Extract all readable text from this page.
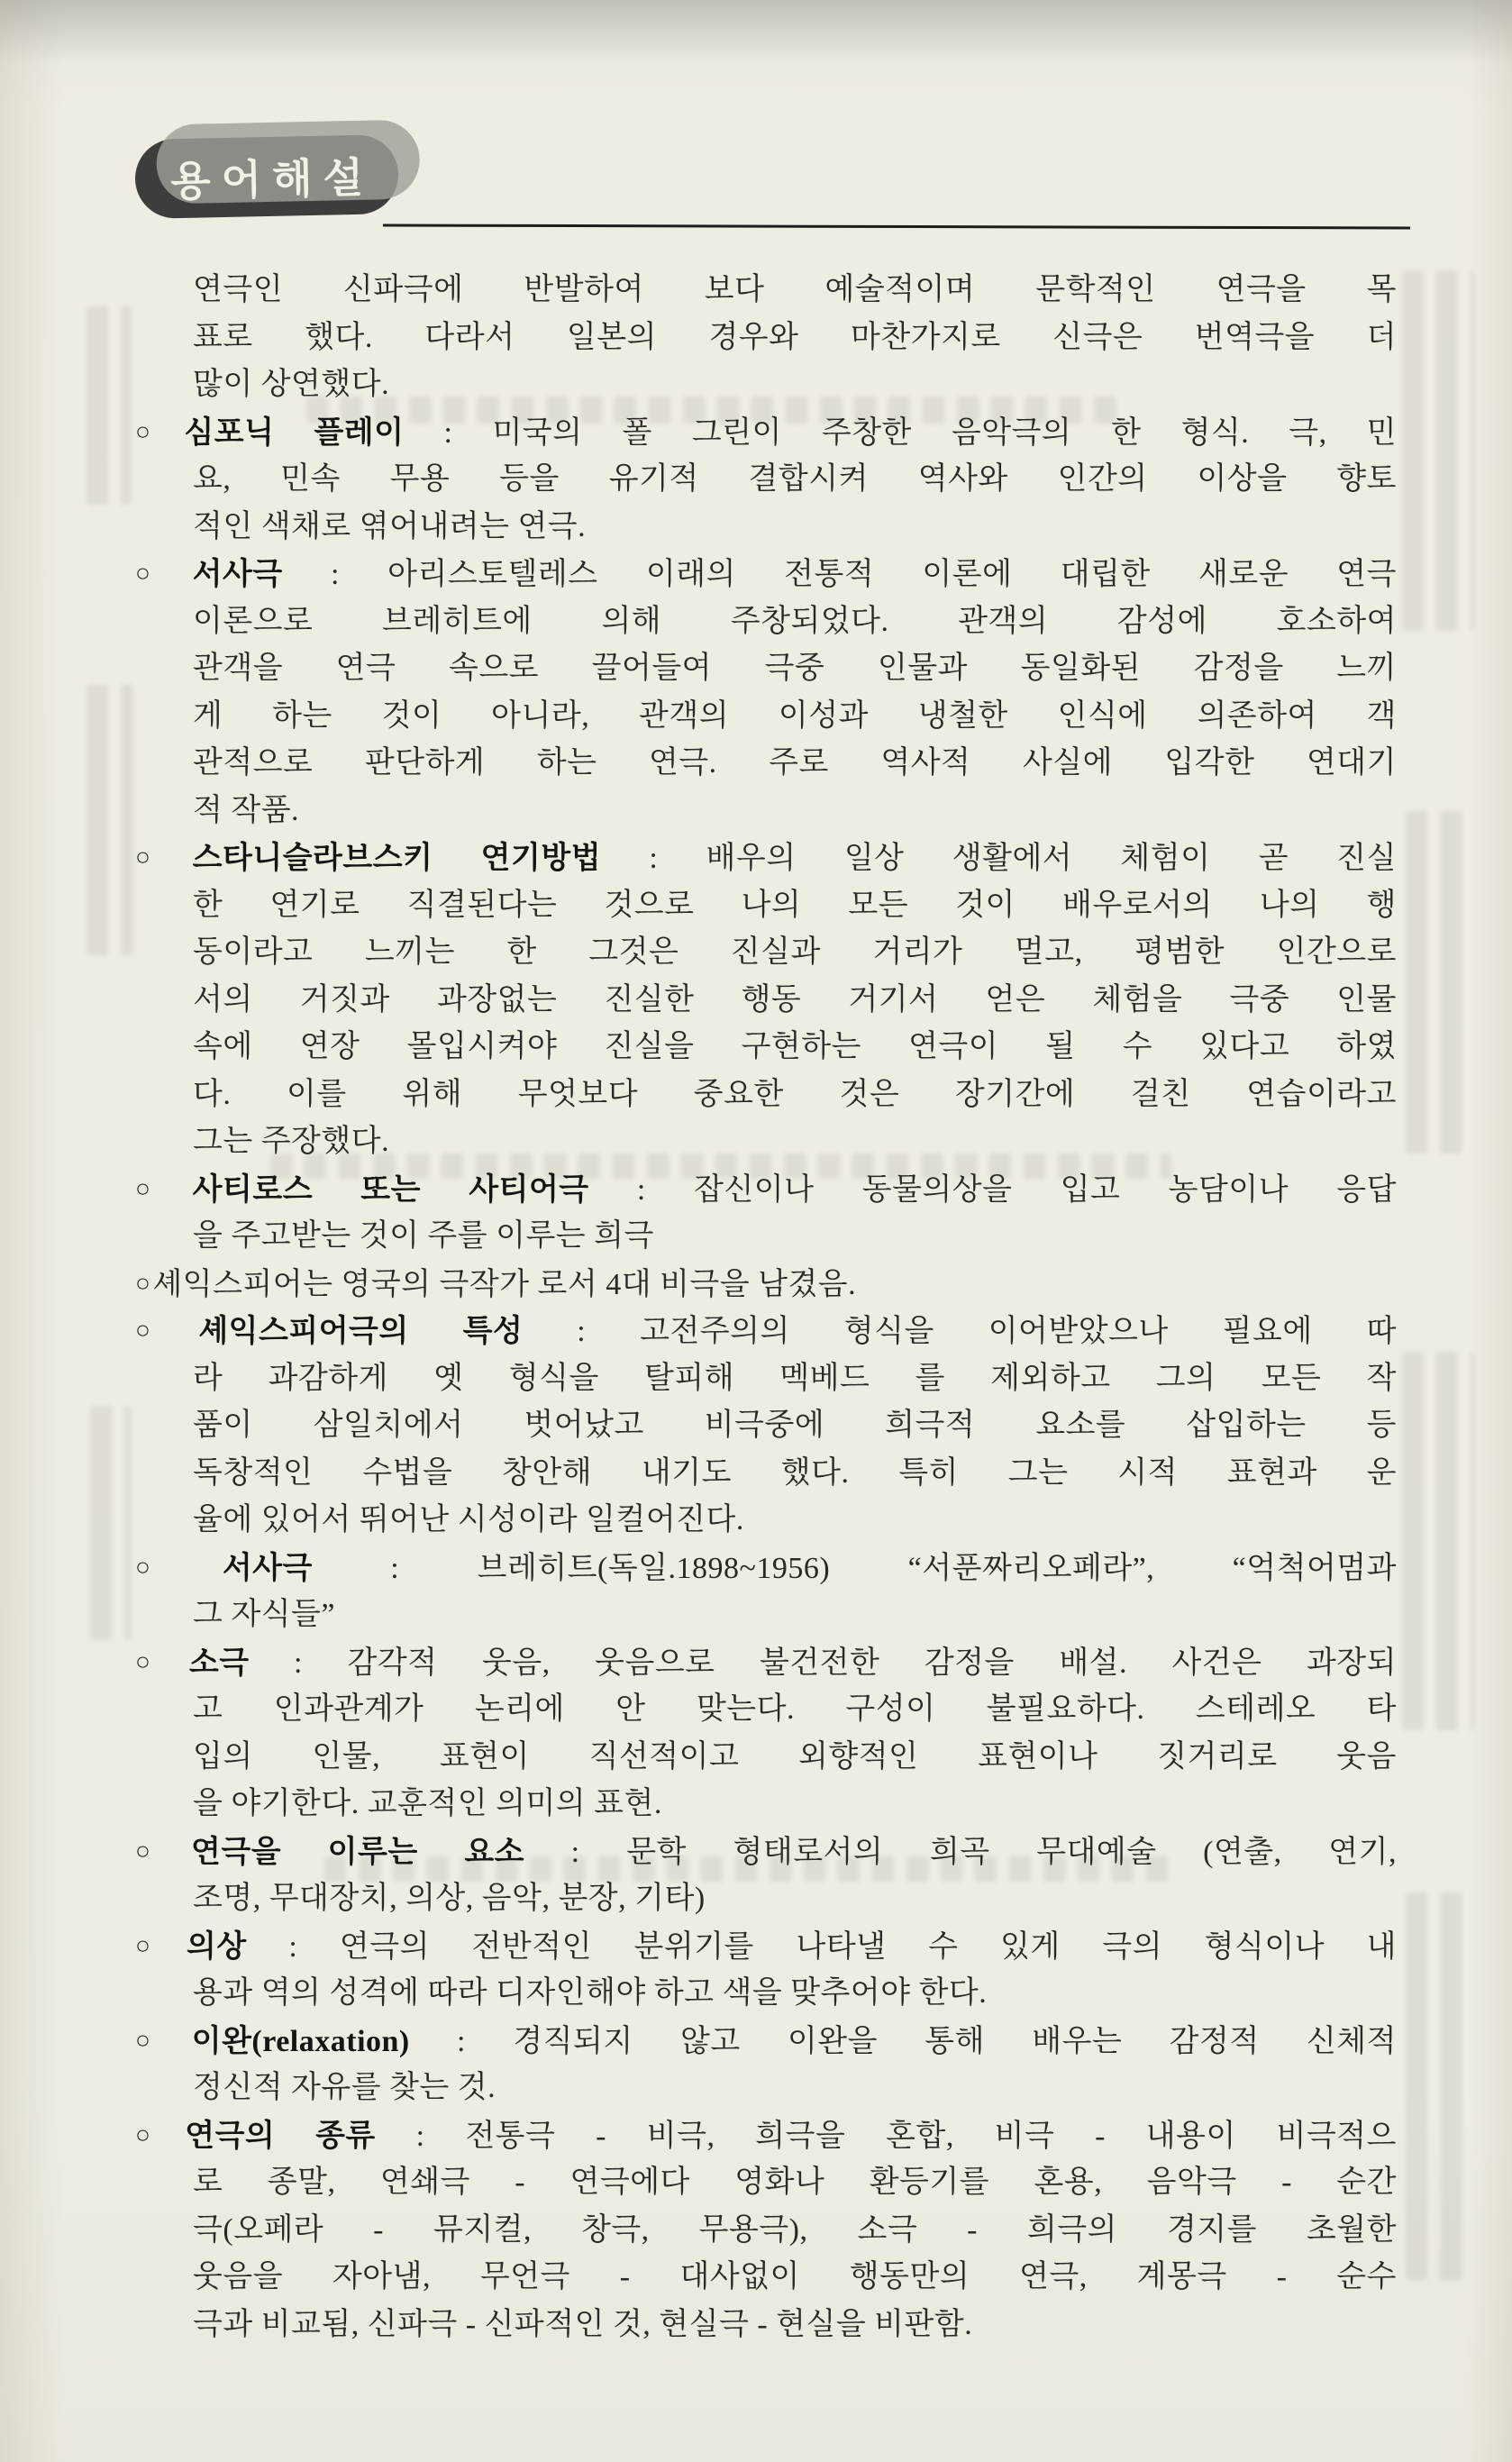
용어해설
연극인 신파극에 반발하여 보다 예술적이며 문학적인 연극을 목
표로 했다. 다라서 일본의 경우와 마찬가지로 신극은 번역극을 더
많이 상연했다.
○심포닉 플레이 : 미국의 폴 그린이 주창한 음악극의 한 형식. 극, 민
요, 민속 무용 등을 유기적 결합시켜 역사와 인간의 이상을 향토
적인 색채로 엮어내려는 연극.
○서사극 : 아리스토텔레스 이래의 전통적 이론에 대립한 새로운 연극
이론으로 브레히트에 의해 주창되었다. 관객의 감성에 호소하여
관객을 연극 속으로 끌어들여 극중 인물과 동일화된 감정을 느끼
게 하는 것이 아니라, 관객의 이성과 냉철한 인식에 의존하여 객
관적으로 판단하게 하는 연극. 주로 역사적 사실에 입각한 연대기
적 작품.
○스타니슬라브스키 연기방법 : 배우의 일상 생활에서 체험이 곧 진실
한 연기로 직결된다는 것으로 나의 모든 것이 배우로서의 나의 행
동이라고 느끼는 한 그것은 진실과 거리가 멀고, 평범한 인간으로
서의 거짓과 과장없는 진실한 행동 거기서 얻은 체험을 극중 인물
속에 연장 몰입시켜야 진실을 구현하는 연극이 될 수 있다고 하였
다. 이를 위해 무엇보다 중요한 것은 장기간에 걸친 연습이라고
그는 주장했다.
○사티로스 또는 사티어극 : 잡신이나 동물의상을 입고 농담이나 응답
을 주고받는 것이 주를 이루는 희극
○셰익스피어는 영국의 극작가 로서 4대 비극을 남겼음.
○셰익스피어극의 특성 : 고전주의의 형식을 이어받았으나 필요에 따
라 과감하게 옛 형식을 탈피해 멕베드 를 제외하고 그의 모든 작
품이 삼일치에서 벗어났고 비극중에 희극적 요소를 삽입하는 등
독창적인 수법을 창안해 내기도 했다. 특히 그는 시적 표현과 운
율에 있어서 뛰어난 시성이라 일컬어진다.
○서사극 : 브레히트(독일.1898~1956) “서푼짜리오페라”, “억척어멈과
그 자식들”
○소극 : 감각적 웃음, 웃음으로 불건전한 감정을 배설. 사건은 과장되
고 인과관계가 논리에 안 맞는다. 구성이 불필요하다. 스테레오 타
입의 인물, 표현이 직선적이고 외향적인 표현이나 짓거리로 웃음
을 야기한다. 교훈적인 의미의 표현.
○연극을 이루는 요소 : 문학 형태로서의 희곡 무대예술 (연출, 연기,
조명, 무대장치, 의상, 음악, 분장, 기타)
○의상 : 연극의 전반적인 분위기를 나타낼 수 있게 극의 형식이나 내
용과 역의 성격에 따라 디자인해야 하고 색을 맞추어야 한다.
○이완(relaxation) : 경직되지 않고 이완을 통해 배우는 감정적 신체적
정신적 자유를 찾는 것.
○연극의 종류 : 전통극 - 비극, 희극을 혼합, 비극 - 내용이 비극적으
로 종말, 연쇄극 - 연극에다 영화나 환등기를 혼용, 음악극 - 순간
극(오페라 - 뮤지컬, 창극, 무용극), 소극 - 희극의 경지를 초월한
웃음을 자아냄, 무언극 - 대사없이 행동만의 연극, 계몽극 - 순수
극과 비교됨, 신파극 - 신파적인 것, 현실극 - 현실을 비판함.
